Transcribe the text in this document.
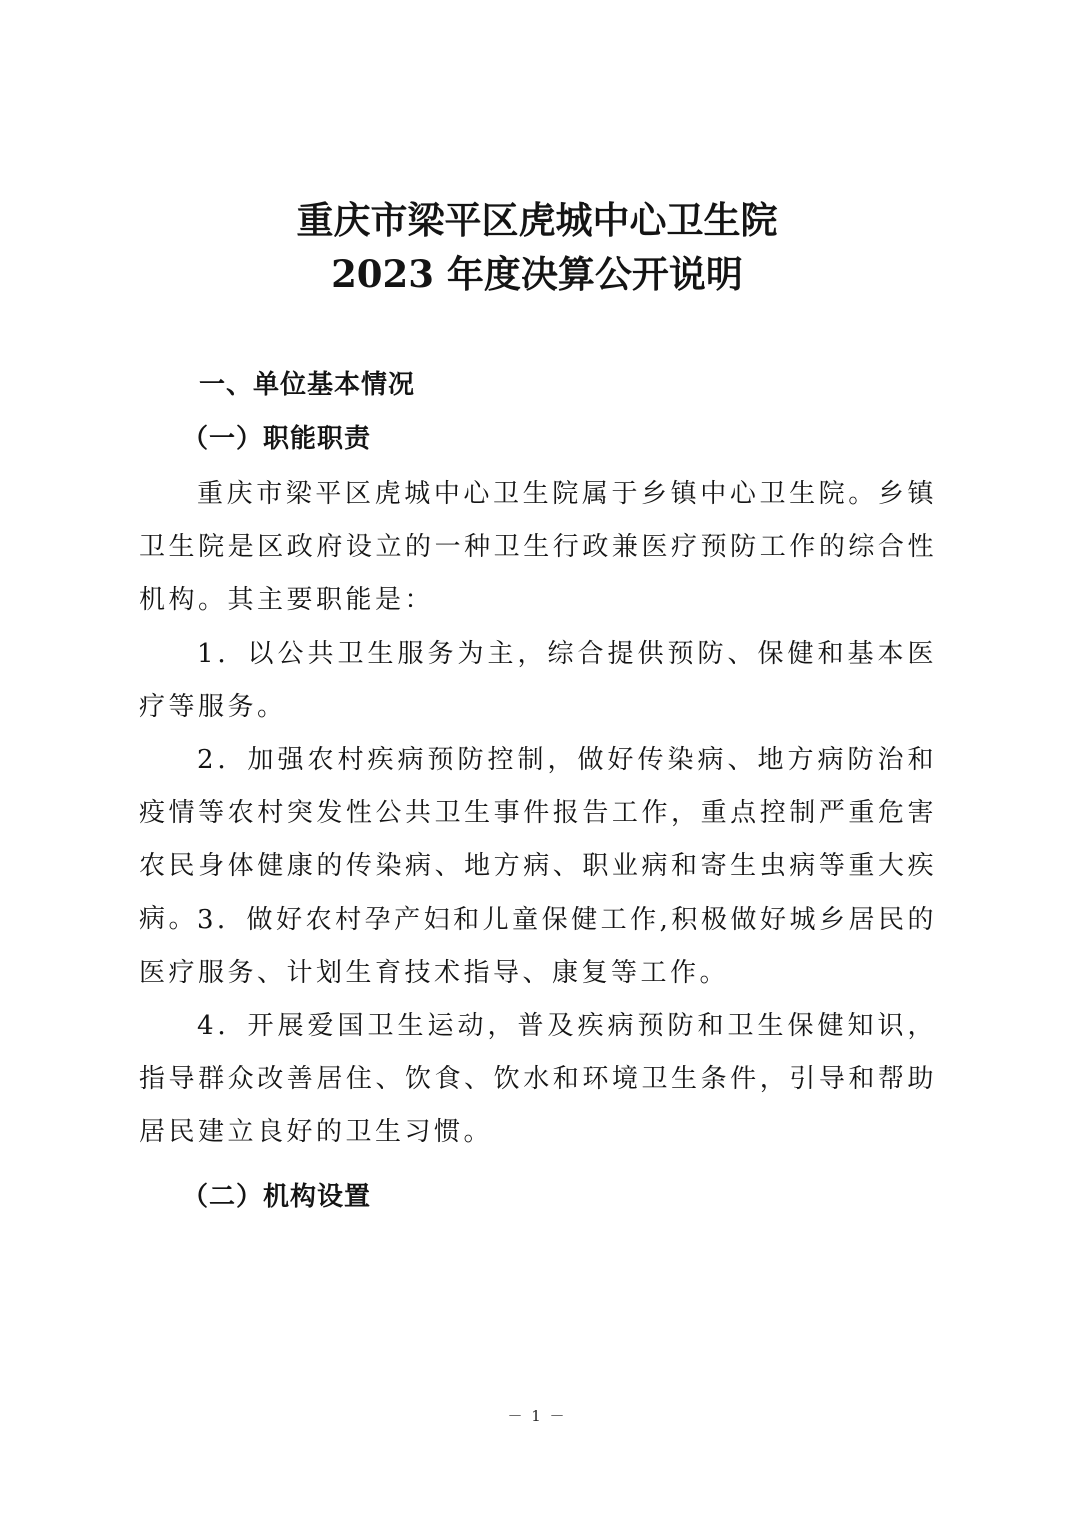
重庆市梁平区虎城中心卫生院
2023 年度决算公开说明
一、单位基本情况
（一）职能职责

重庆市梁平区虎城中心卫生院属于乡镇中心卫生院。乡镇卫生院是区政府设立的一种卫生行政兼医疗预防工作的综合性机构。其主要职能是：

1．以公共卫生服务为主，综合提供预防、保健和基本医疗等服务。

2．加强农村疾病预防控制，做好传染病、地方病防治和疫情等农村突发性公共卫生事件报告工作，重点控制严重危害农民身体健康的传染病、地方病、职业病和寄生虫病等重大疾病。

3．做好农村孕产妇和儿童保健工作,积极做好城乡居民的医疗服务、计划生育技术指导、康复等工作。

4．开展爱国卫生运动，普及疾病预防和卫生保健知识，指导群众改善居住、饮食、饮水和环境卫生条件，引导和帮助居民建立良好的卫生习惯。

（二）机构设置
－ 1 －
